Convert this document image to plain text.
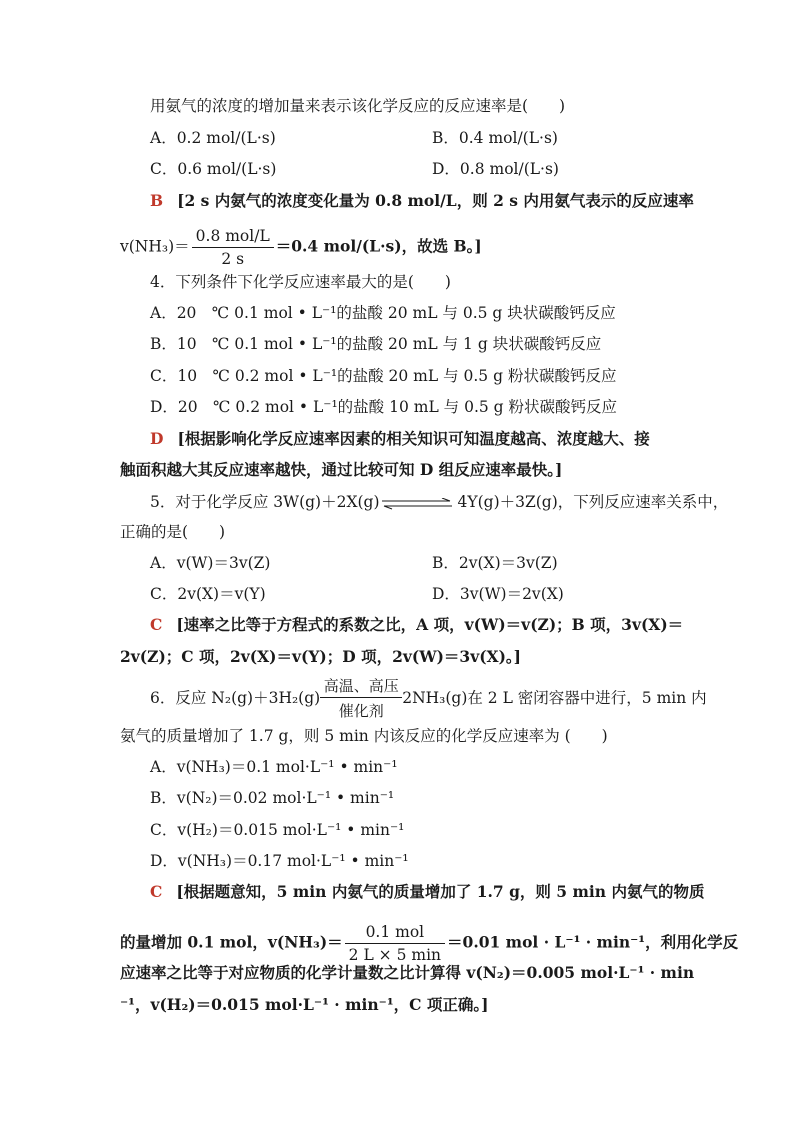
用氨气的浓度的增加量来表示该化学反应的反应速率是(　　)
A．0.2 mol/(L·s)	B．0.4 mol/(L·s)
C．0.6 mol/(L·s)	D．0.8 mol/(L·s)
B [2 s 内氨气的浓度变化量为 0.8 mol/L，则 2 s 内用氨气表示的反应速率
$v(NH_3)= \frac{\text{0.8 mol/L}}{2 s} =0.4$ mol/(L·s)，故选 B。]
4．下列条件下化学反应速率最大的是(　　)
A．20　℃ 0.1 mol • L⁻¹的盐酸 20 mL 与 0.5 g 块状碳酸钙反应
B．10　℃ 0.1 mol • L⁻¹的盐酸 20 mL 与 1 g 块状碳酸钙反应
C．10　℃ 0.2 mol • L⁻¹的盐酸 20 mL 与 0.5 g 粉状碳酸钙反应
D．20　℃ 0.2 mol • L⁻¹的盐酸 10 mL 与 0.5 g 粉状碳酸钙反应
D [根据影响化学反应速率因素的相关知识可知温度越高、浓度越大、接
触面积越大其反应速率越快，通过比较可知 D 组反应速率最快。]
5．对于化学反应 3W(g)＋2X(g)	4Y(g)＋3Z(g)，下列反应速率关系中，
正确的是(　　)
A．v(W)＝3v(Z)	B．2v(X)＝3v(Z)
C．2v(X)＝v(Y)	D．3v(W)＝2v(X)
C [速率之比等于方程式的系数之比，A 项，v(W)＝v(Z)；B 项，3v(X)＝
2v(Z)；C 项，2v(X)＝v(Y)；D 项，2v(W)＝3v(X)。]
6．反应 N₂(g)＋3H₂(g)
高温、高压
催化剂
2NH₃(g)在 2 L 密闭容器中进行，5 min 内
氨气的质量增加了 1.7 g，则 5 min 内该反应的化学反应速率为 (　　)
A．v(NH₃)＝0.1 mol·L⁻¹ • min⁻¹
B．v(N₂)＝0.02 mol·L⁻¹ • min⁻¹
C．v(H₂)＝0.015 mol·L⁻¹ • min⁻¹
D．v(NH₃)＝0.17 mol·L⁻¹ • min⁻¹
C [根据题意知，5 min 内氨气的质量增加了 1.7 g，则 5 min 内氨气的物质
的量增加 0.1 mol，$v(NH_3)= \frac{\text{0.1 mol}}{2 L \times 5 \min} =0.01$ mol · L⁻¹ · min⁻¹，利用化学反
应速率之比等于对应物质的化学计量数之比计算得 v(N₂)＝0.005 mol·L⁻¹ · min
⁻¹，v(H₂)＝0.015 mol·L⁻¹ · min⁻¹，C 项正确。]
